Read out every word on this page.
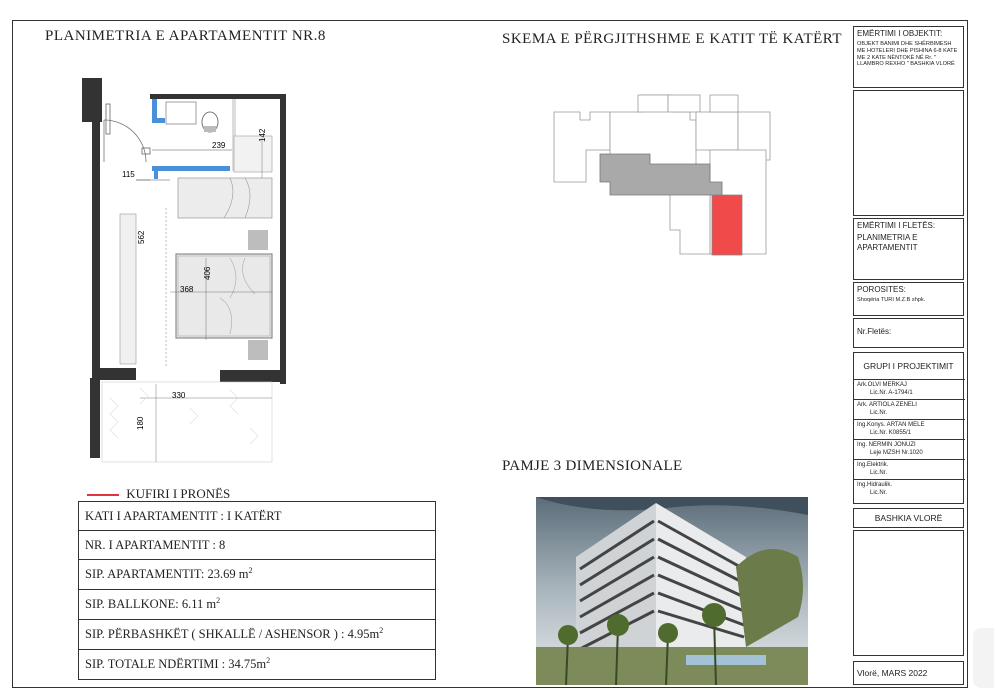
PLANIMETRIA E APARTAMENTIT NR.8	SKEMA E PËRGJITHSHME E KATIT TË KATËRT
PAMJE 3 DIMENSIONALE
239
142
115
562
406
368
330
180
KUFIRI I PRONËS
KATI I APARTAMENTIT : I KATËRT
NR. I APARTAMENTIT : 8
SIP. APARTAMENTIT: 23.69 $m^2$
SIP. BALLKONE: 6.11 $m^2$
SIP. PËRBASHKËT ( SHKALLË / ASHENSOR ) : $4.95m^2$
SIP. TOTALE NDËRTIMI : $34.75m^2$
EMËRTIMI I OBJEKTIT:
OBJEKT BANIMI DHE SHËRBIMESH ME HOTELERI DHE PISHINA 6-8 KATE ME 2 KATE NËNTOKË NË Rr. " LLAMBRO REXHO " BASHKIA VLORË
EMËRTIMI I FLETËS:
PLANIMETRIA E APARTAMENTIT
POROSITES:
Shoqëria TURI M.Z.B shpk.
Nr.Fletës:
GRUPI I PROJEKTIMIT
Ark.OLVI MERKAJ
Lic.Nr. A-1794/1
Ark. ARTIOLA ZENELI
Lic.Nr.
Ing.Konys. ARTAN MELE
Lic.Nr. K0855/1
Ing. NERMIN JONUZI
Leje MZSH Nr.1020
Ing.Elektrik.
Lic.Nr.
Ing.Hidraulik.
Lic.Nr.
BASHKIA VLORË
Vlorë, MARS 2022
